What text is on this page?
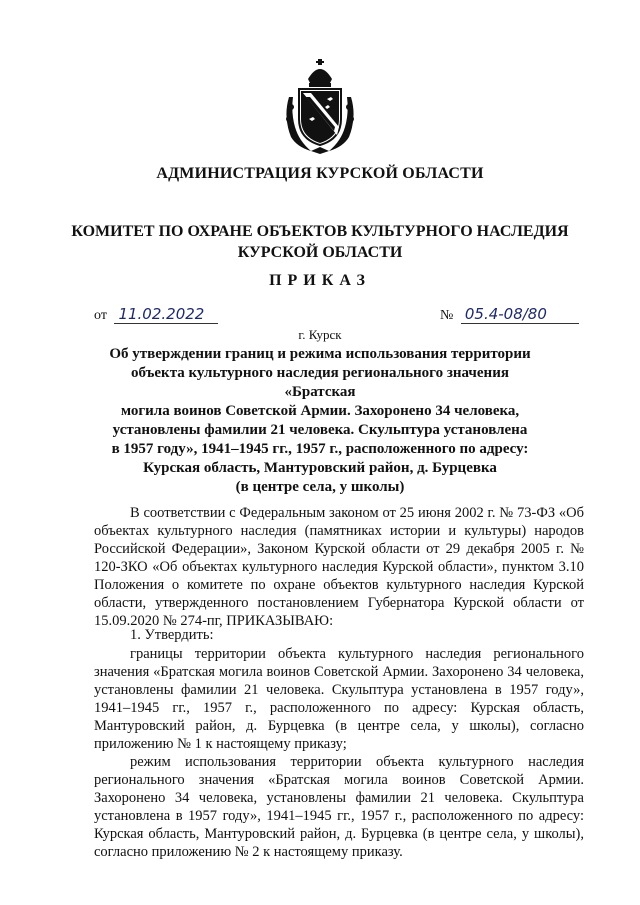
АДМИНИСТРАЦИЯ КУРСКОЙ ОБЛАСТИ
КОМИТЕТ ПО ОХРАНЕ ОБЪЕКТОВ КУЛЬТУРНОГО НАСЛЕДИЯ
КУРСКОЙ ОБЛАСТИ
ПРИКАЗ
от 11.02.2022	№ 05.4-08/80
г. Курск
Об утверждении границ и режима использования территории
объекта культурного наследия регионального значения «Братская
могила воинов Советской Армии. Захоронено 34 человека,
установлены фамилии 21 человека. Скульптура установлена
в 1957 году», 1941–1945 гг., 1957 г., расположенного по адресу:
Курская область, Мантуровский район, д. Бурцевка
(в центре села, у школы)
В соответствии с Федеральным законом от 25 июня 2002 г. № 73-ФЗ «Об объектах культурного наследия (памятниках истории и культуры) народов Российской Федерации», Законом Курской области от 29 декабря 2005 г. № 120-ЗКО «Об объектах культурного наследия Курской области», пунктом 3.10 Положения о комитете по охране объектов культурного наследия Курской области, утвержденного постановлением Губернатора Курской области от 15.09.2020 № 274-пг, ПРИКАЗЫВАЮ:
1. Утвердить:
границы территории объекта культурного наследия регионального значения «Братская могила воинов Советской Армии. Захоронено 34 человека, установлены фамилии 21 человека. Скульптура установлена в 1957 году», 1941–1945 гг., 1957 г., расположенного по адресу: Курская область, Мантуровский район, д. Бурцевка (в центре села, у школы), согласно приложению № 1 к настоящему приказу;
режим использования территории объекта культурного наследия регионального значения «Братская могила воинов Советской Армии. Захоронено 34 человека, установлены фамилии 21 человека. Скульптура установлена в 1957 году», 1941–1945 гг., 1957 г., расположенного по адресу: Курская область, Мантуровский район, д. Бурцевка (в центре села, у школы), согласно приложению № 2 к настоящему приказу.
